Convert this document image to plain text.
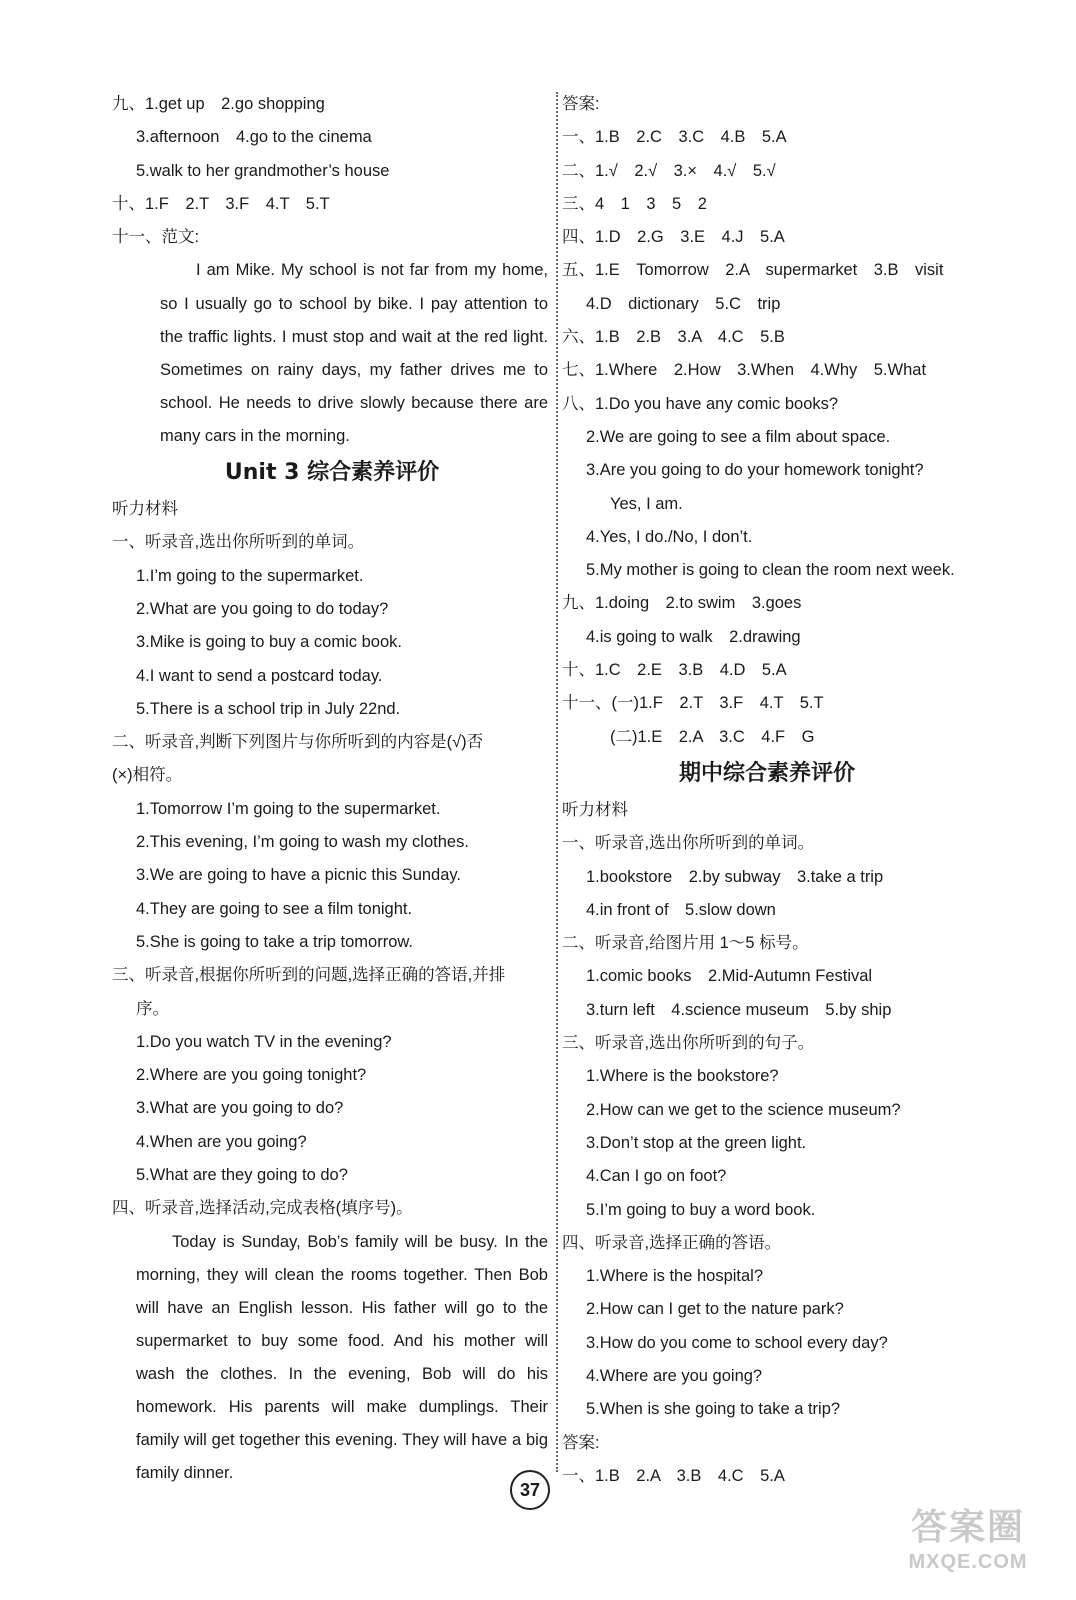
九、1.get up　2.go shopping
3.afternoon　4.go to the cinema
5.walk to her grandmother’s house
十、1.F　2.T　3.F　4.T　5.T
十一、范文:
I am Mike. My school is not far from my home, so I usually go to school by bike. I pay attention to the traffic lights. I must stop and wait at the red light. Sometimes on rainy days, my father drives me to school. He needs to drive slowly because there are many cars in the morning.
Unit 3 综合素养评价
听力材料
一、听录音,选出你所听到的单词。
1.I’m going to the supermarket.
2.What are you going to do today?
3.Mike is going to buy a comic book.
4.I want to send a postcard today.
5.There is a school trip in July 22nd.
二、听录音,判断下列图片与你所听到的内容是(√)否
(×)相符。
1.Tomorrow I’m going to the supermarket.
2.This evening, I’m going to wash my clothes.
3.We are going to have a picnic this Sunday.
4.They are going to see a film tonight.
5.She is going to take a trip tomorrow.
三、听录音,根据你所听到的问题,选择正确的答语,并排
序。
1.Do you watch TV in the evening?
2.Where are you going tonight?
3.What are you going to do?
4.When are you going?
5.What are they going to do?
四、听录音,选择活动,完成表格(填序号)。
Today is Sunday, Bob’s family will be busy. In the morning, they will clean the rooms together. Then Bob will have an English lesson. His father will go to the supermarket to buy some food. And his mother will wash the clothes. In the evening, Bob will do his homework. His parents will make dumplings. Their family will get together this evening. They will have a big family dinner.
答案:
一、1.B　2.C　3.C　4.B　5.A
二、1.√　2.√　3.×　4.√　5.√
三、4　1　3　5　2
四、1.D　2.G　3.E　4.J　5.A
五、1.E　Tomorrow　2.A　supermarket　3.B　visit
4.D　dictionary　5.C　trip
六、1.B　2.B　3.A　4.C　5.B
七、1.Where　2.How　3.When　4.Why　5.What
八、1.Do you have any comic books?
2.We are going to see a film about space.
3.Are you going to do your homework tonight?
Yes, I am.
4.Yes, I do./No, I don’t.
5.My mother is going to clean the room next week.
九、1.doing　2.to swim　3.goes
4.is going to walk　2.drawing
十、1.C　2.E　3.B　4.D　5.A
十一、(一)1.F　2.T　3.F　4.T　5.T
(二)1.E　2.A　3.C　4.F　G
期中综合素养评价
听力材料
一、听录音,选出你所听到的单词。
1.bookstore　2.by subway　3.take a trip
4.in front of　5.slow down
二、听录音,给图片用 1～5 标号。
1.comic books　2.Mid-Autumn Festival
3.turn left　4.science museum　5.by ship
三、听录音,选出你所听到的句子。
1.Where is the bookstore?
2.How can we get to the science museum?
3.Don’t stop at the green light.
4.Can I go on foot?
5.I’m going to buy a word book.
四、听录音,选择正确的答语。
1.Where is the hospital?
2.How can I get to the nature park?
3.How do you come to school every day?
4.Where are you going?
5.When is she going to take a trip?
答案:
一、1.B　2.A　3.B　4.C　5.A
37
答案圈
MXQE.COM
